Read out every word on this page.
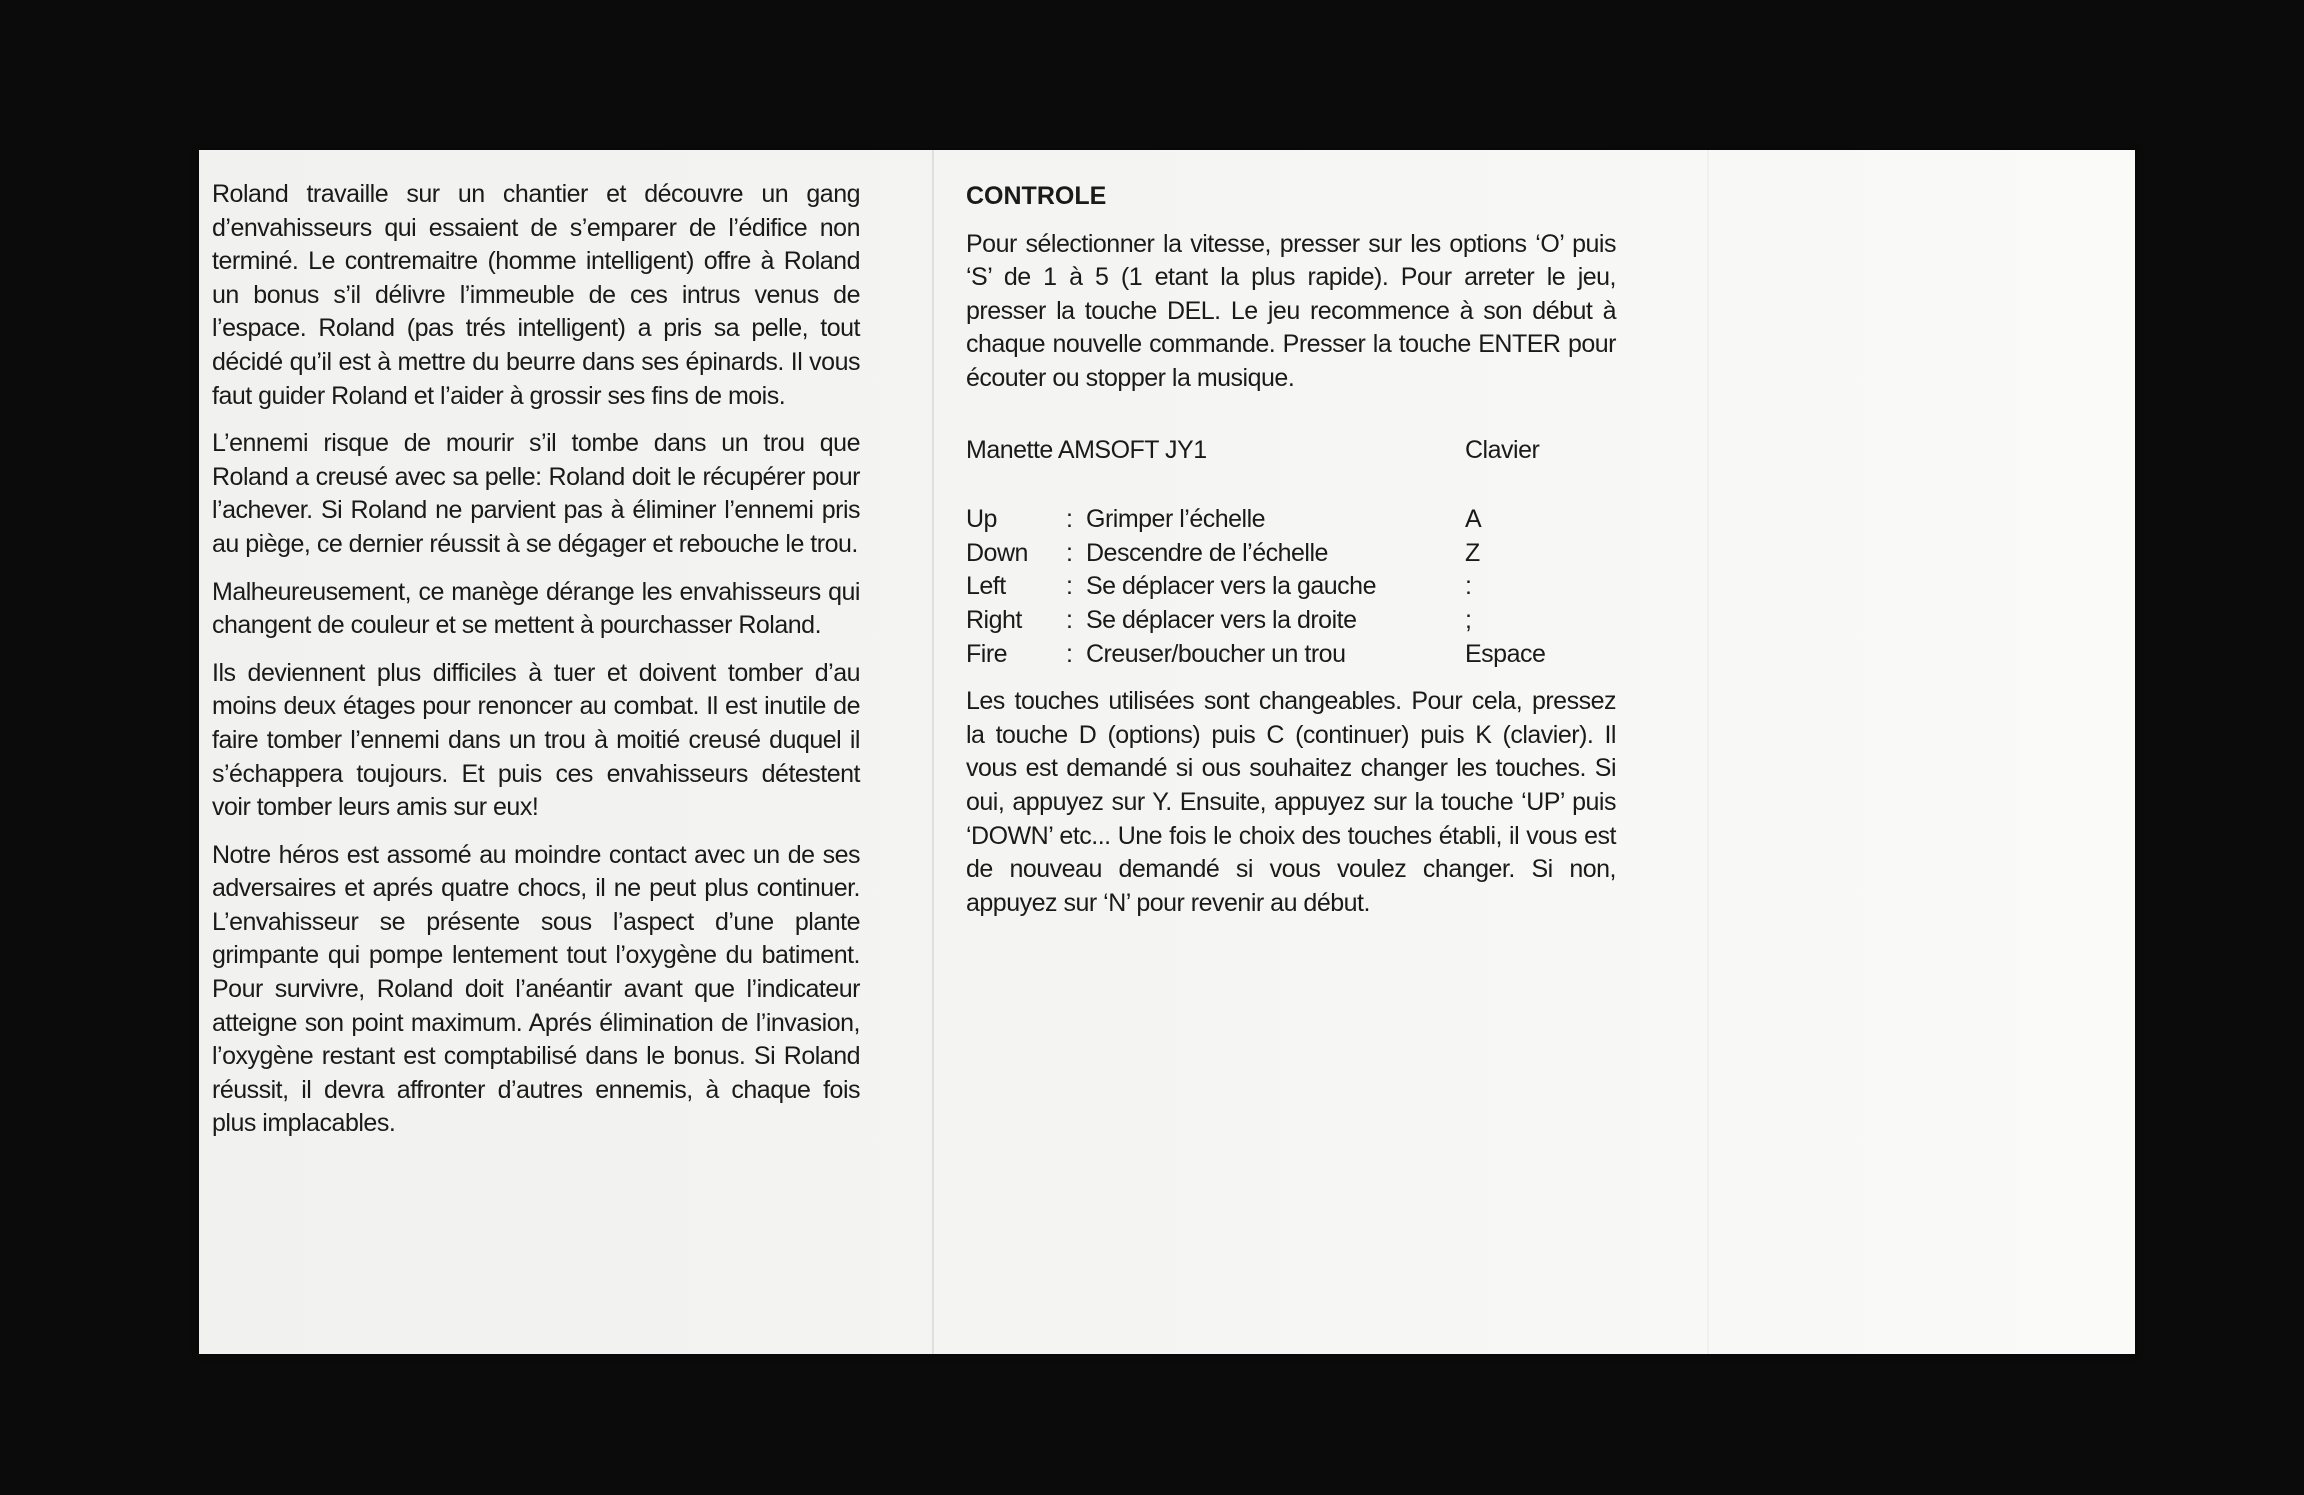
Roland travaille sur un chantier et découvre un gang d’envahisseurs qui essaient de s’emparer de l’édifice non terminé. Le contremaitre (homme intelligent) offre à Roland un bonus s’il délivre l’immeuble de ces intrus venus de l’espace. Roland (pas trés intelligent) a pris sa pelle, tout décidé qu’il est à mettre du beurre dans ses épinards. Il vous faut guider Roland et l’aider à grossir ses fins de mois.

L’ennemi risque de mourir s’il tombe dans un trou que Roland a creusé avec sa pelle: Roland doit le récupérer pour l’achever. Si Roland ne parvient pas à éliminer l’ennemi pris au piège, ce dernier réussit à se dégager et rebouche le trou.

Malheureusement, ce manège dérange les envahisseurs qui changent de couleur et se mettent à pourchasser Roland.

Ils deviennent plus difficiles à tuer et doivent tomber d’au moins deux étages pour renoncer au combat. Il est inutile de faire tomber l’ennemi dans un trou à moitié creusé duquel il s’échappera toujours. Et puis ces envahisseurs détestent voir tomber leurs amis sur eux!

Notre héros est assomé au moindre contact avec un de ses adversaires et aprés quatre chocs, il ne peut plus continuer. L’envahisseur se présente sous l’aspect d’une plante grimpante qui pompe lentement tout l’oxygène du batiment. Pour survivre, Roland doit l’anéantir avant que l’indicateur atteigne son point maximum. Aprés élimination de l’invasion, l’oxygène restant est comptabilisé dans le bonus. Si Roland réussit, il devra affronter d’autres ennemis, à chaque fois plus implacables.

CONTROLE

Pour sélectionner la vitesse, presser sur les options ‘O’ puis ‘S’ de 1 à 5 (1 etant la plus rapide). Pour arreter le jeu, presser la touche DEL. Le jeu recommence à son début à chaque nouvelle commande. Presser la touche ENTER pour écouter ou stopper la musique.

Manette AMSOFT JY1	Clavier
Up	: Grimper l’échelle	A
Down	: Descendre de l’échelle	Z
Left	: Se déplacer vers la gauche	:
Right	: Se déplacer vers la droite	;
Fire	: Creuser/boucher un trou	Espace

Les touches utilisées sont changeables. Pour cela, pressez la touche D (options) puis C (continuer) puis K (clavier). Il vous est demandé si ous souhaitez changer les touches. Si oui, appuyez sur Y. Ensuite, appuyez sur la touche ‘UP’ puis ‘DOWN’ etc... Une fois le choix des touches établi, il vous est de nouveau demandé si vous voulez changer. Si non, appuyez sur ‘N’ pour revenir au début.
